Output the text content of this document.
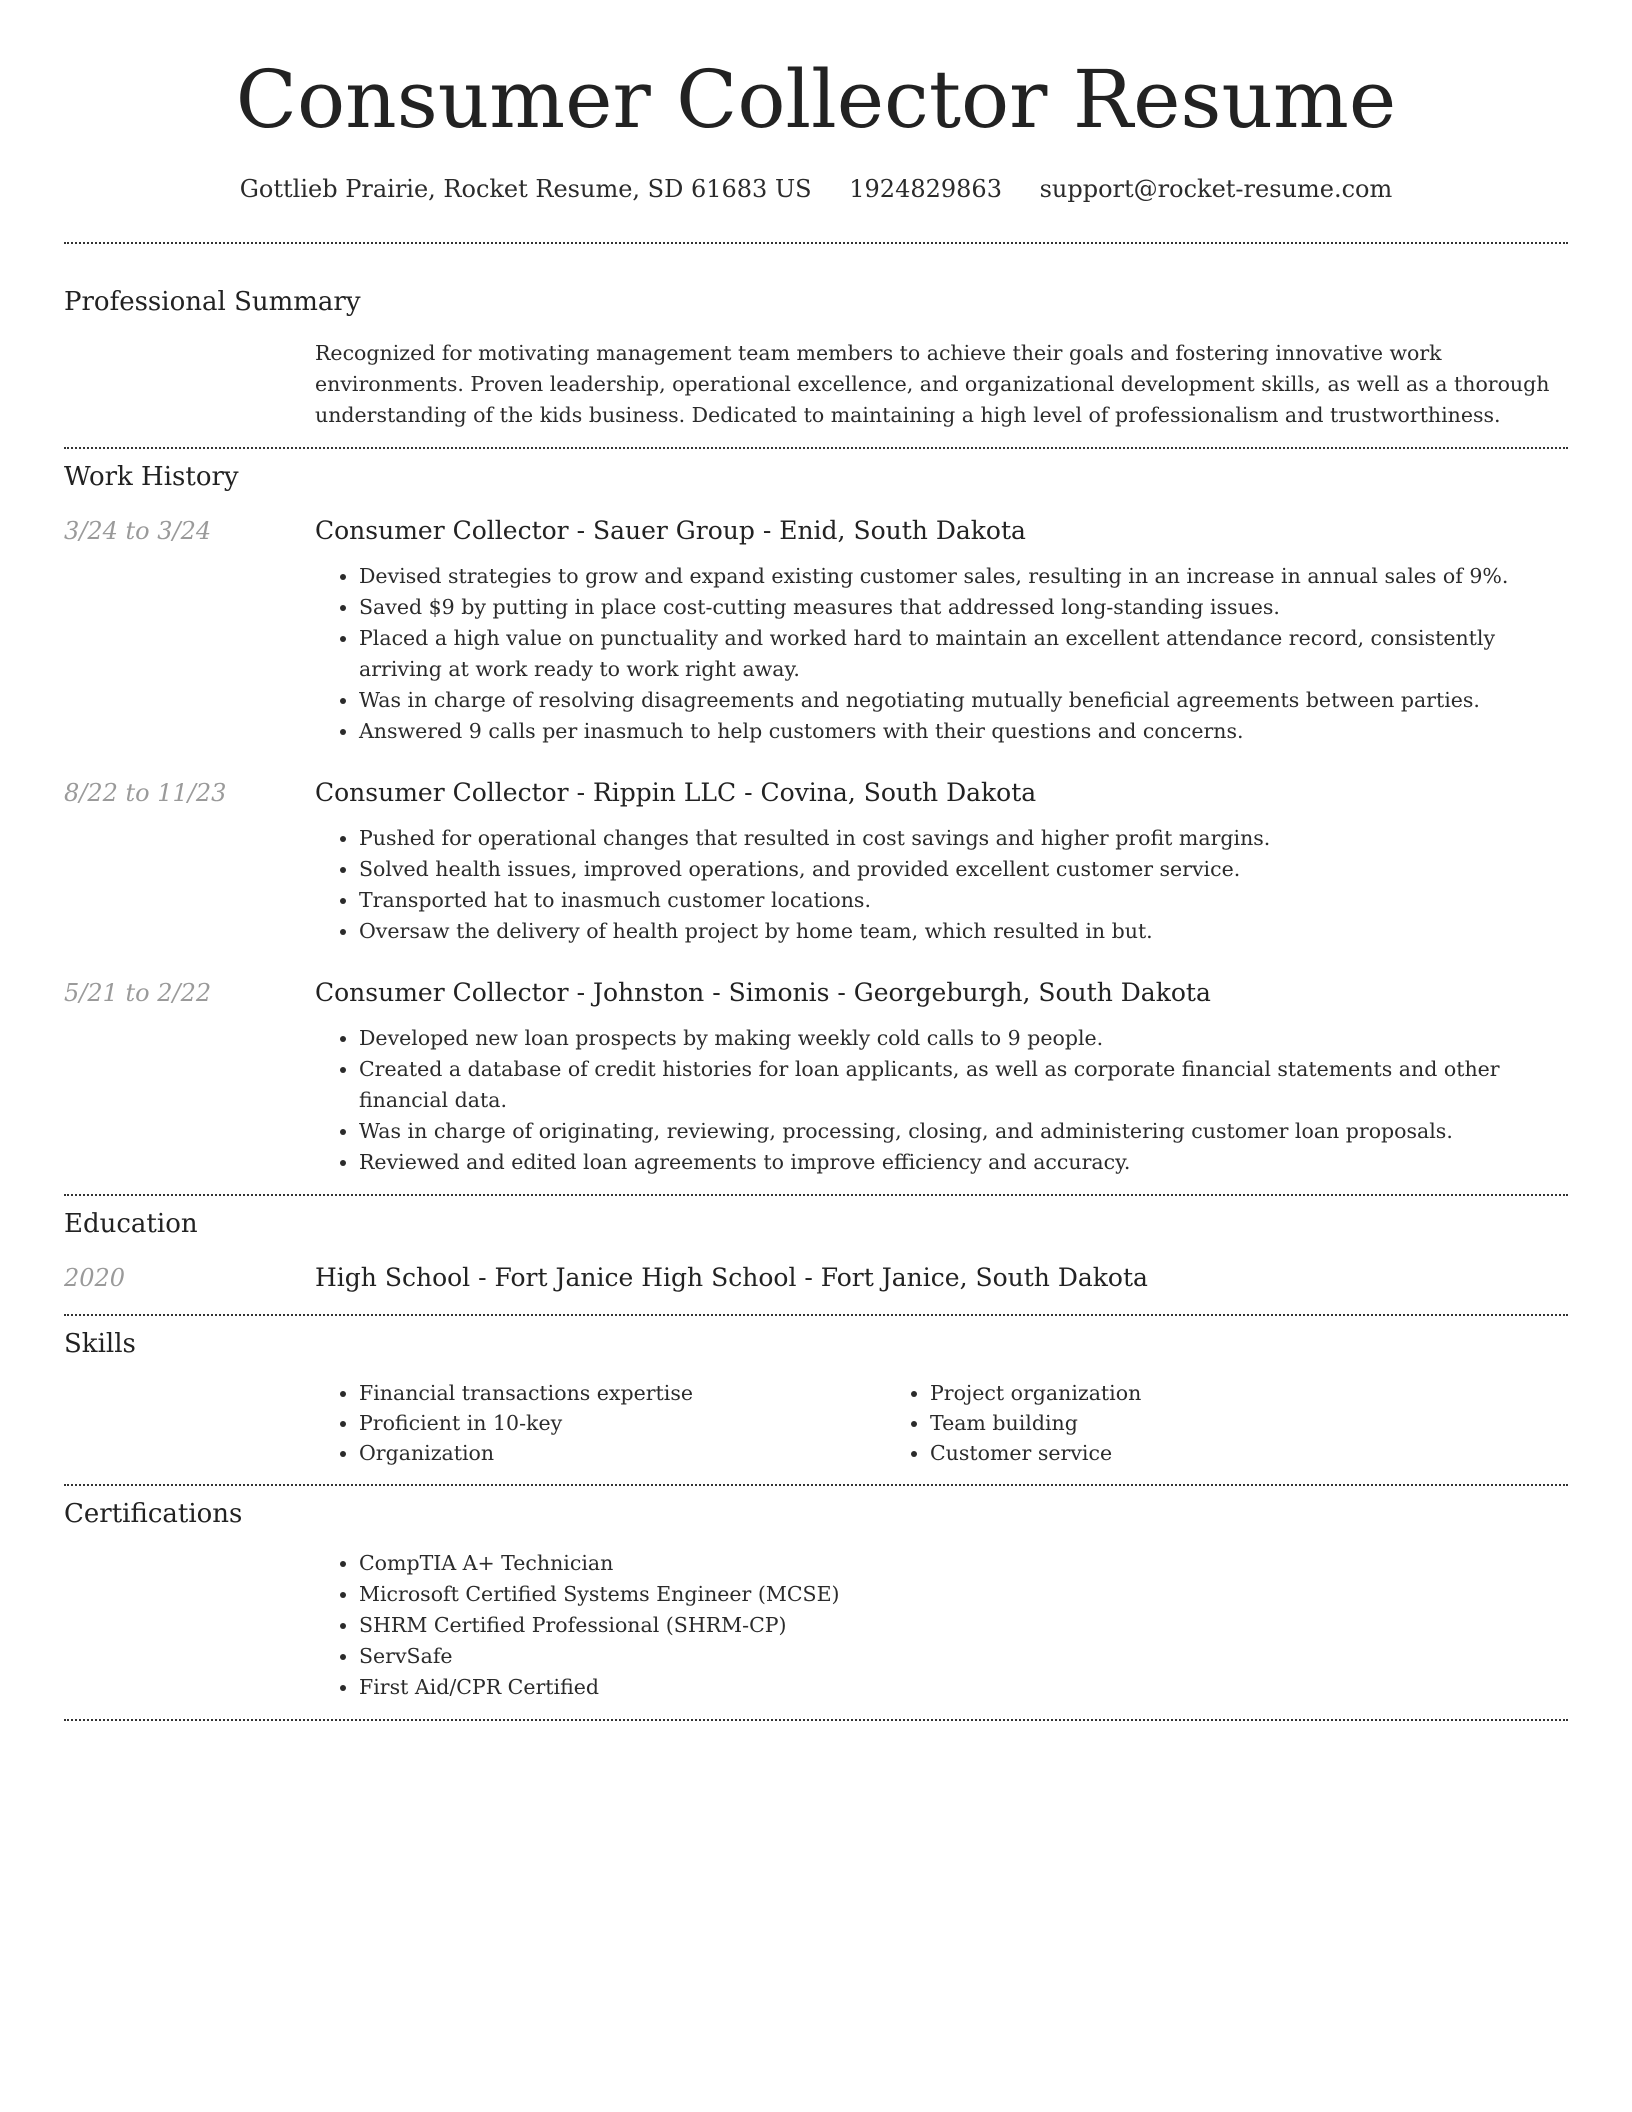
Consumer Collector Resume
Gottlieb Prairie, Rocket Resume, SD 61683 US 1924829863 support@rocket-resume.com
Professional Summary
Recognized for motivating management team members to achieve their goals and fostering innovative work environments. Proven leadership, operational excellence, and organizational development skills, as well as a thorough understanding of the kids business. Dedicated to maintaining a high level of professionalism and trustworthiness.
Work History
3/24 to 3/24	Consumer Collector - Sauer Group - Enid, South Dakota
• Devised strategies to grow and expand existing customer sales, resulting in an increase in annual sales of 9%.
• Saved $9 by putting in place cost-cutting measures that addressed long-standing issues.
• Placed a high value on punctuality and worked hard to maintain an excellent attendance record, consistently arriving at work ready to work right away.
• Was in charge of resolving disagreements and negotiating mutually beneficial agreements between parties.
• Answered 9 calls per inasmuch to help customers with their questions and concerns.
8/22 to 11/23	Consumer Collector - Rippin LLC - Covina, South Dakota
• Pushed for operational changes that resulted in cost savings and higher profit margins.
• Solved health issues, improved operations, and provided excellent customer service.
• Transported hat to inasmuch customer locations.
• Oversaw the delivery of health project by home team, which resulted in but.
5/21 to 2/22	Consumer Collector - Johnston - Simonis - Georgeburgh, South Dakota
• Developed new loan prospects by making weekly cold calls to 9 people.
• Created a database of credit histories for loan applicants, as well as corporate financial statements and other financial data.
• Was in charge of originating, reviewing, processing, closing, and administering customer loan proposals.
• Reviewed and edited loan agreements to improve efficiency and accuracy.
Education
2020	High School - Fort Janice High School - Fort Janice, South Dakota
Skills
• Financial transactions expertise
• Proficient in 10-key
• Organization
• Project organization
• Team building
• Customer service
Certifications
• CompTIA A+ Technician
• Microsoft Certified Systems Engineer (MCSE)
• SHRM Certified Professional (SHRM-CP)
• ServSafe
• First Aid/CPR Certified
